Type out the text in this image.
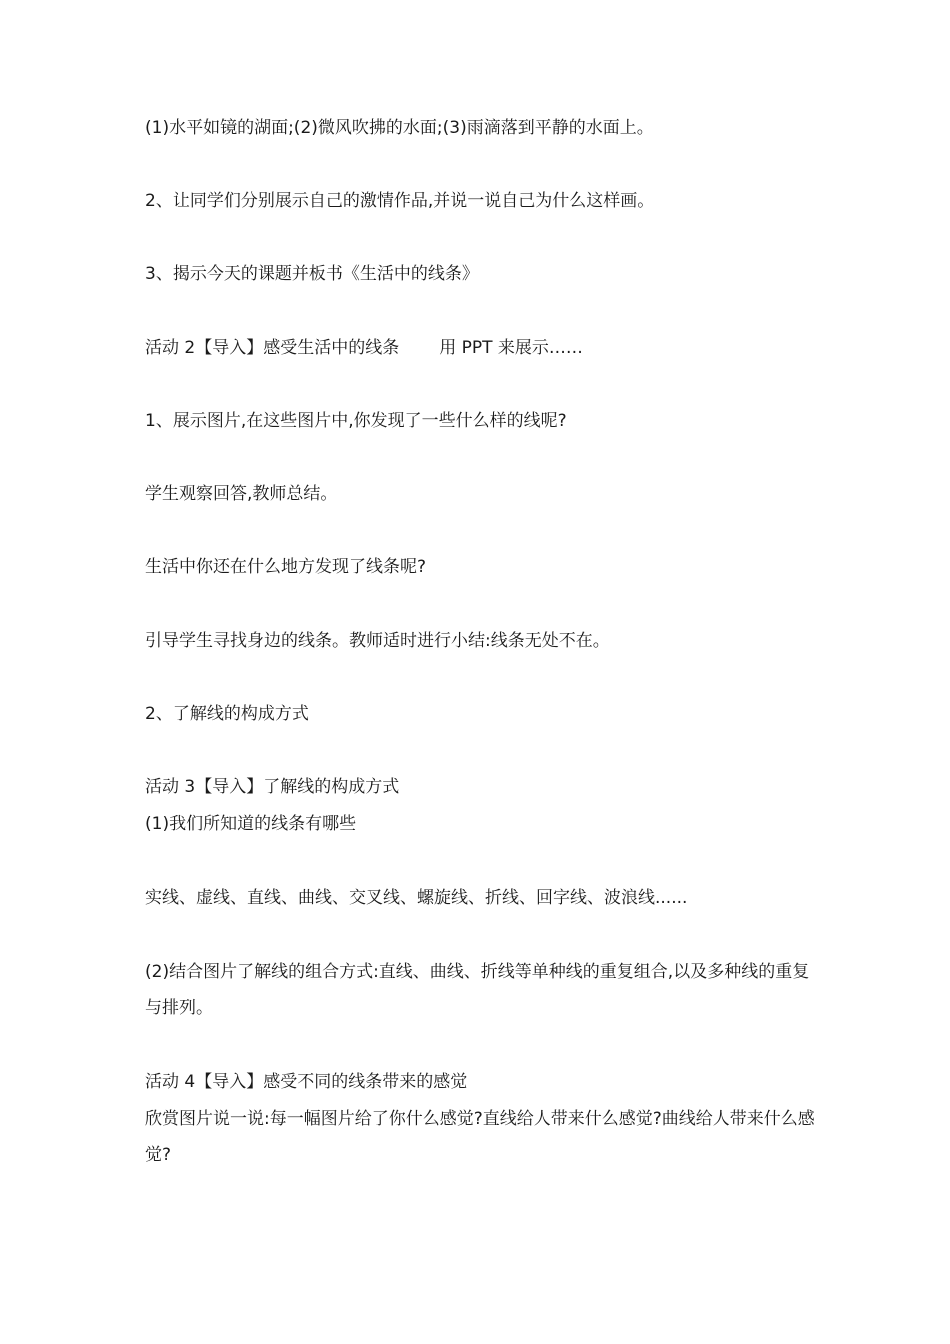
(1)水平如镜的湖面;(2)微风吹拂的水面;(3)雨滴落到平静的水面上。
2、让同学们分别展示自己的激情作品,并说一说自己为什么这样画。
3、揭示今天的课题并板书《生活中的线条》
活动 2【导入】感受生活中的线条 用 PPT 来展示……
1、展示图片,在这些图片中,你发现了一些什么样的线呢?
学生观察回答,教师总结。
生活中你还在什么地方发现了线条呢?
引导学生寻找身边的线条。教师适时进行小结:线条无处不在。
2、了解线的构成方式
活动 3【导入】了解线的构成方式
(1)我们所知道的线条有哪些
实线、虚线、直线、曲线、交叉线、螺旋线、折线、回字线、波浪线......
(2)结合图片了解线的组合方式:直线、曲线、折线等单种线的重复组合,以及多种线的重复与排列。
活动 4【导入】感受不同的线条带来的感觉
欣赏图片说一说:每一幅图片给了你什么感觉?直线给人带来什么感觉?曲线给人带来什么感觉?
